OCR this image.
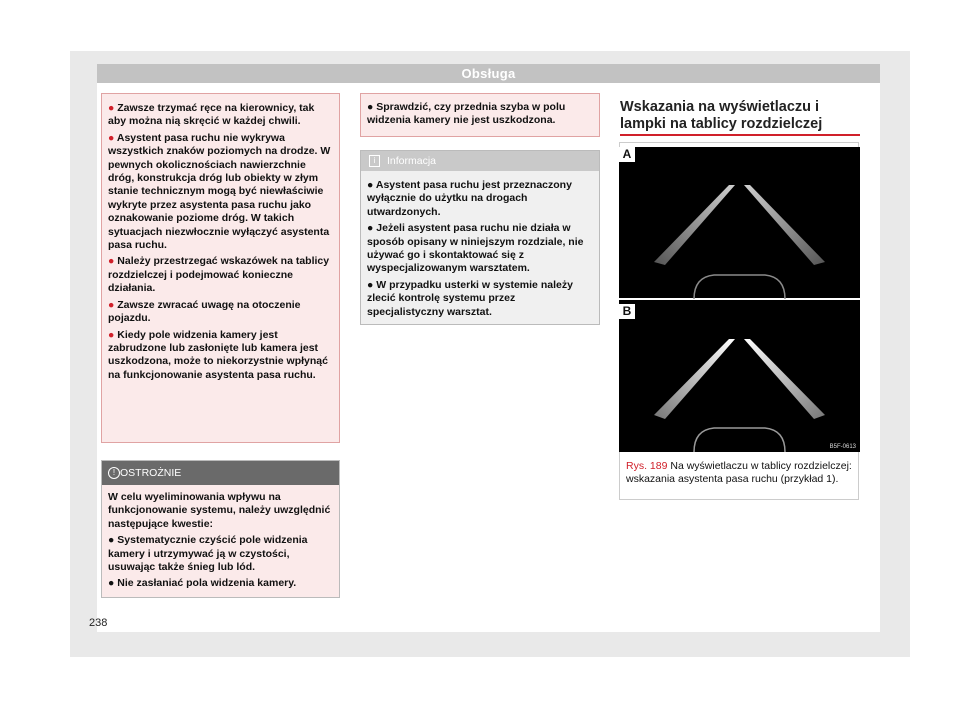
Obsługa

● Zawsze trzymać ręce na kierownicy, tak aby można nią skręcić w każdej chwili.

● Asystent pasa ruchu nie wykrywa wszystkich znaków poziomych na drodze. W pewnych okolicznościach nawierzchnie dróg, konstrukcja dróg lub obiekty w złym stanie technicznym mogą być niewłaściwie wykryte przez asystenta pasa ruchu jako oznakowanie poziome dróg. W takich sytuacjach niezwłocznie wyłączyć asystenta pasa ruchu.

● Należy przestrzegać wskazówek na tablicy rozdzielczej i podejmować konieczne działania.

● Zawsze zwracać uwagę na otoczenie pojazdu.

● Kiedy pole widzenia kamery jest zabrudzone lub zasłonięte lub kamera jest uszkodzona, może to niekorzystnie wpłynąć na funkcjonowanie asystenta pasa ruchu.

! OSTROŻNIE

W celu wyeliminowania wpływu na funkcjonowanie systemu, należy uwzględnić następujące kwestie:

● Systematycznie czyścić pole widzenia kamery i utrzymywać ją w czystości, usuwając także śnieg lub lód.

● Nie zasłaniać pola widzenia kamery.

● Sprawdzić, czy przednia szyba w polu widzenia kamery nie jest uszkodzona.
i	Informacja

● Asystent pasa ruchu jest przeznaczony wyłącznie do użytku na drogach utwardzonych.

● Jeżeli asystent pasa ruchu nie działa w sposób opisany w niniejszym rozdziale, nie używać go i skontaktować się z wyspecjalizowanym warsztatem.

● W przypadku usterki w systemie należy zlecić kontrolę systemu przez specjalistyczny warsztat.

Wskazania na wyświetlaczu i lampki na tablicy rozdzielczej
A
B
B5F-0613
Rys. 189 Na wyświetlaczu w tablicy rozdzielczej: wskazania asystenta pasa ruchu (przykład 1).
238
